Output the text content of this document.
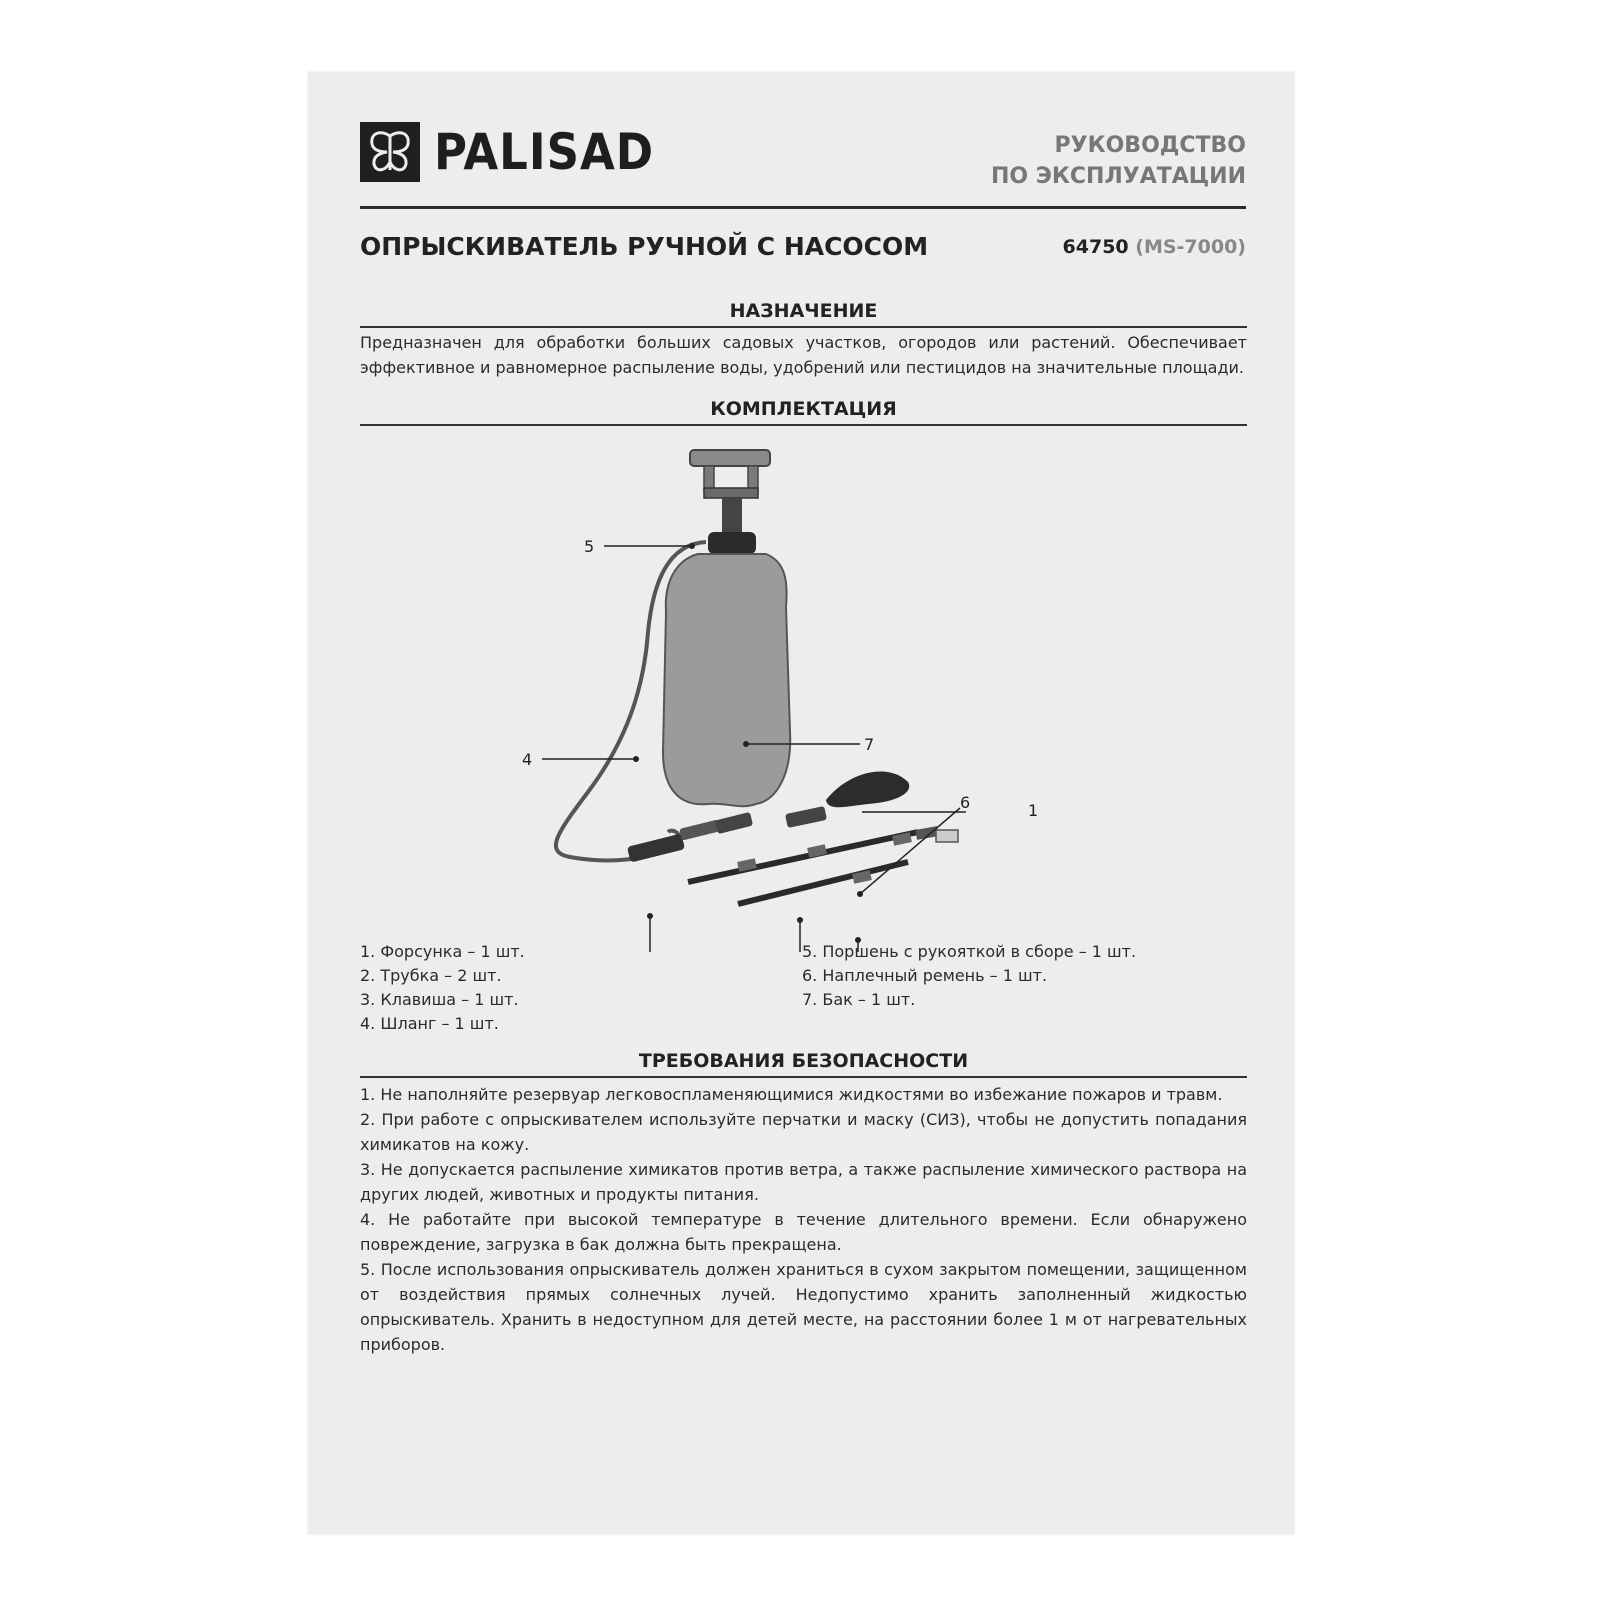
PALISAD	РУКОВОДСТВО
ПО ЭКСПЛУАТАЦИИ
ОПРЫСКИВАТЕЛЬ РУЧНОЙ С НАСОСОМ	64750 (MS-7000)
НАЗНАЧЕНИЕ
Предназначен для обработки больших садовых участков, огородов или растений. Обеспечивает эффективное и равномерное распыление воды, удобрений или пестицидов на значительные площади.
КОМПЛЕКТАЦИЯ
1
4
5
6
7
1. Форсунка – 1 шт.
2. Трубка – 2 шт.
3. Клавиша – 1 шт.
4. Шланг – 1 шт.
5. Поршень с рукояткой в сборе – 1 шт.
6. Наплечный ремень – 1 шт.
7. Бак – 1 шт.
ТРЕБОВАНИЯ БЕЗОПАСНОСТИ

1. Не наполняйте резервуар легковоспламеняющимися жидкостями во избежание пожаров и травм.

2. При работе с опрыскивателем используйте перчатки и маску (СИЗ), чтобы не допустить попадания химикатов на кожу.

3. Не допускается распыление химикатов против ветра, а также распыление химического раствора на других людей, животных и продукты питания.

4. Не работайте при высокой температуре в течение длительного времени. Если обнаружено повреждение, загрузка в бак должна быть прекращена.

5. После использования опрыскиватель должен храниться в сухом закрытом помещении, защищенном от воздействия прямых солнечных лучей. Недопустимо хранить заполненный жидкостью опрыскиватель. Хранить в недоступном для детей месте, на расстоянии более 1 м от нагревательных приборов.
